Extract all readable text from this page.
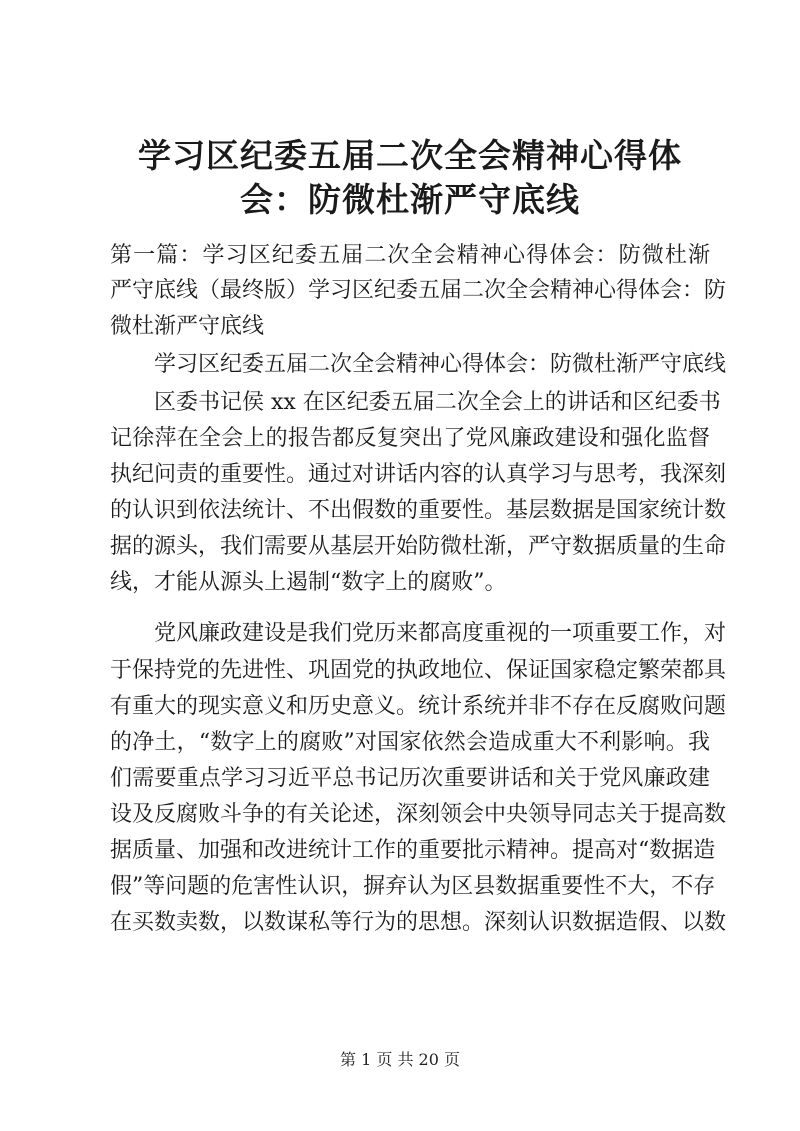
学习区纪委五届二次全会精神心得体会：防微杜渐严守底线

第一篇：学习区纪委五届二次全会精神心得体会：防微杜渐

严守底线（最终版）学习区纪委五届二次全会精神心得体会：防

微杜渐严守底线

学习区纪委五届二次全会精神心得体会：防微杜渐严守底线

区委书记侯 xx 在区纪委五届二次全会上的讲话和区纪委书

记徐萍在全会上的报告都反复突出了党风廉政建设和强化监督

执纪问责的重要性。通过对讲话内容的认真学习与思考，我深刻

的认识到依法统计、不出假数的重要性。基层数据是国家统计数

据的源头，我们需要从基层开始防微杜渐，严守数据质量的生命

线，才能从源头上遏制“数字上的腐败”。

党风廉政建设是我们党历来都高度重视的一项重要工作，对

于保持党的先进性、巩固党的执政地位、保证国家稳定繁荣都具

有重大的现实意义和历史意义。统计系统并非不存在反腐败问题

的净土，“数字上的腐败”对国家依然会造成重大不利影响。我

们需要重点学习习近平总书记历次重要讲话和关于党风廉政建

设及反腐败斗争的有关论述，深刻领会中央领导同志关于提高数

据质量、加强和改进统计工作的重要批示精神。提高对“数据造

假”等问题的危害性认识，摒弃认为区县数据重要性不大，不存

在买数卖数，以数谋私等行为的思想。深刻认识数据造假、以数

第 1 页 共 20 页
